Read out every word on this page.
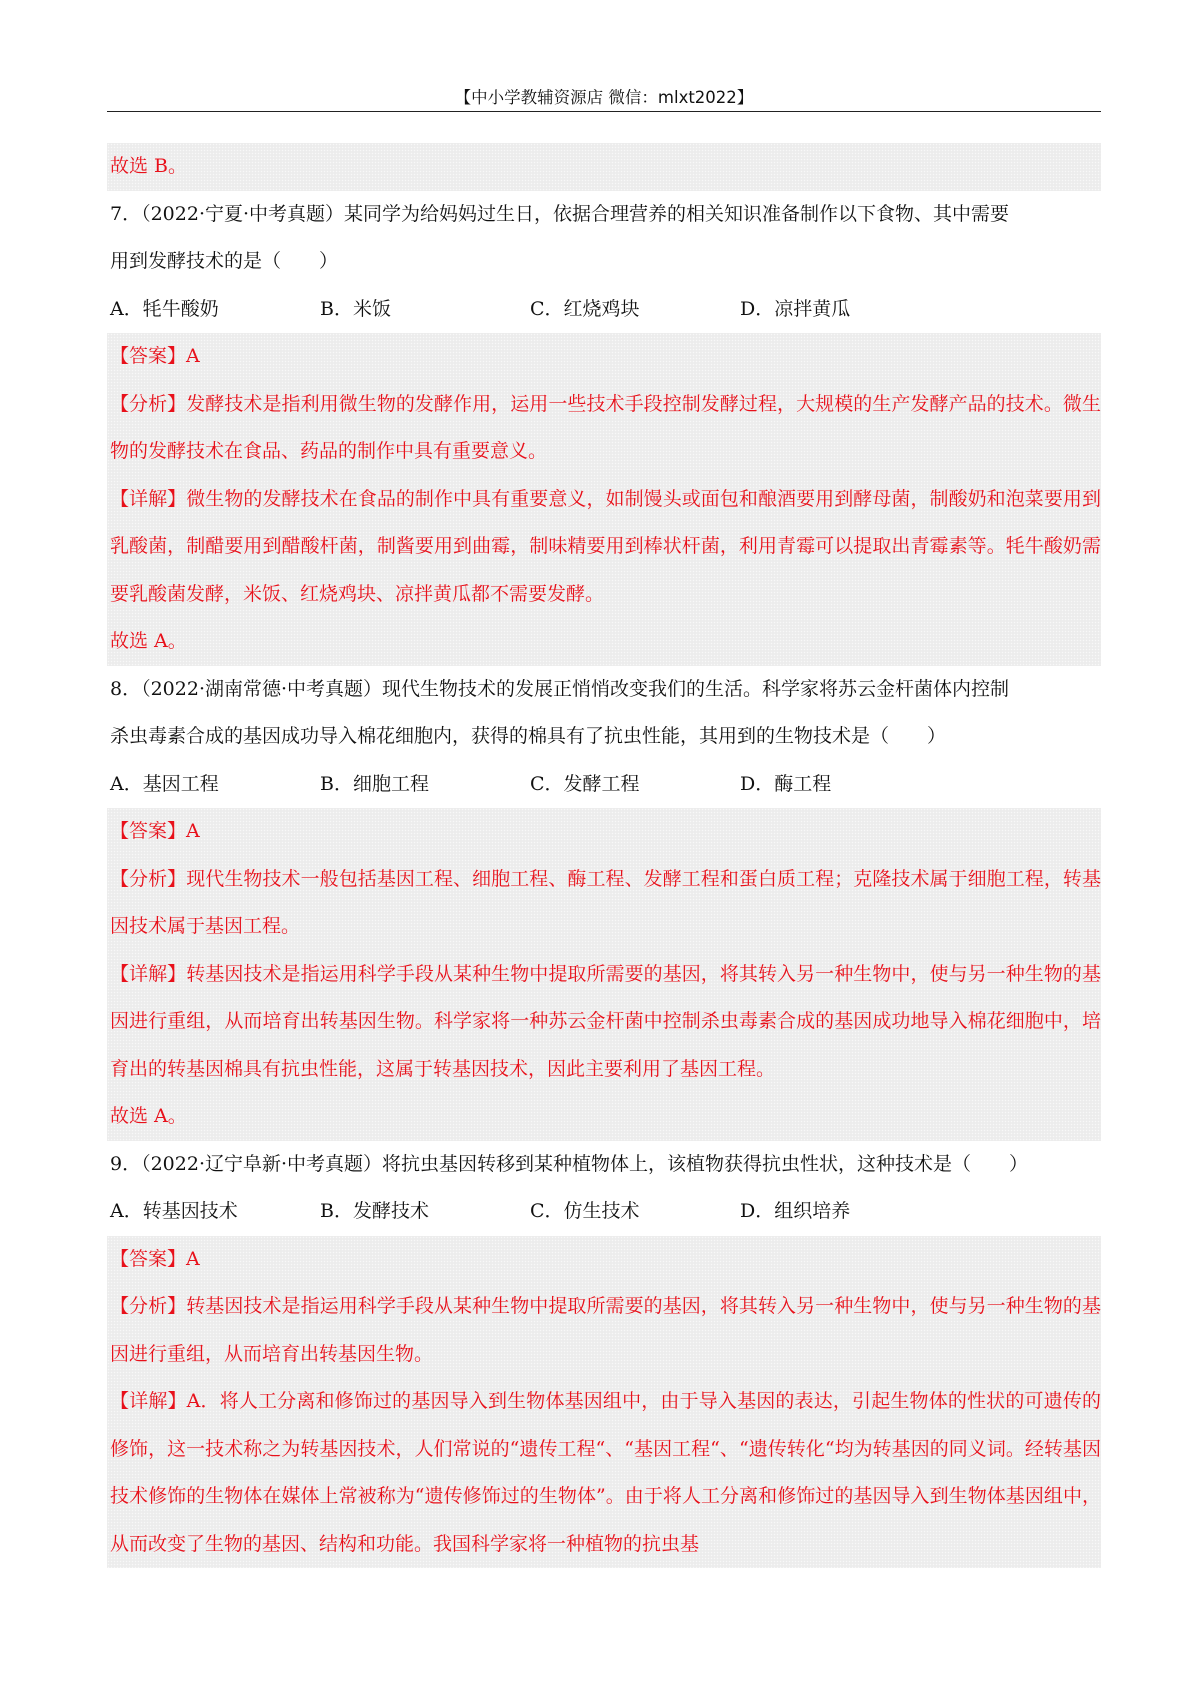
【中小学教辅资源店 微信：mlxt2022】
故选 B。
7．（2022·宁夏·中考真题）某同学为给妈妈过生日，依据合理营养的相关知识准备制作以下食物、其中需要
用到发酵技术的是（　　）
A．牦牛酸奶	B．米饭	C．红烧鸡块	D．凉拌黄瓜
【答案】A
【分析】发酵技术是指利用微生物的发酵作用，运用一些技术手段控制发酵过程，大规模的生产发酵产品的技术。微生物的发酵技术在食品、药品的制作中具有重要意义。
【详解】微生物的发酵技术在食品的制作中具有重要意义，如制馒头或面包和酿酒要用到酵母菌，制酸奶和泡菜要用到乳酸菌，制醋要用到醋酸杆菌，制酱要用到曲霉，制味精要用到棒状杆菌，利用青霉可以提取出青霉素等。牦牛酸奶需要乳酸菌发酵，米饭、红烧鸡块、凉拌黄瓜都不需要发酵。
故选 A。
8．（2022·湖南常德·中考真题）现代生物技术的发展正悄悄改变我们的生活。科学家将苏云金杆菌体内控制
杀虫毒素合成的基因成功导入棉花细胞内，获得的棉具有了抗虫性能，其用到的生物技术是（　　）
A．基因工程	B．细胞工程	C．发酵工程	D．酶工程
【答案】A
【分析】现代生物技术一般包括基因工程、细胞工程、酶工程、发酵工程和蛋白质工程；克隆技术属于细胞工程，转基因技术属于基因工程。
【详解】转基因技术是指运用科学手段从某种生物中提取所需要的基因，将其转入另一种生物中，使与另一种生物的基因进行重组，从而培育出转基因生物。科学家将一种苏云金杆菌中控制杀虫毒素合成的基因成功地导入棉花细胞中，培育出的转基因棉具有抗虫性能，这属于转基因技术，因此主要利用了基因工程。
故选 A。
9．（2022·辽宁阜新·中考真题）将抗虫基因转移到某种植物体上，该植物获得抗虫性状，这种技术是（　　）
A．转基因技术	B．发酵技术	C．仿生技术	D．组织培养
【答案】A
【分析】转基因技术是指运用科学手段从某种生物中提取所需要的基因，将其转入另一种生物中，使与另一种生物的基因进行重组，从而培育出转基因生物。
【详解】A．将人工分离和修饰过的基因导入到生物体基因组中，由于导入基因的表达，引起生物体的性状的可遗传的修饰，这一技术称之为转基因技术，人们常说的“遗传工程“、“基因工程“、“遗传转化“均为转基因的同义词。经转基因技术修饰的生物体在媒体上常被称为“遗传修饰过的生物体”。由于将人工分离和修饰过的基因导入到生物体基因组中，从而改变了生物的基因、结构和功能。我国科学家将一种植物的抗虫基
